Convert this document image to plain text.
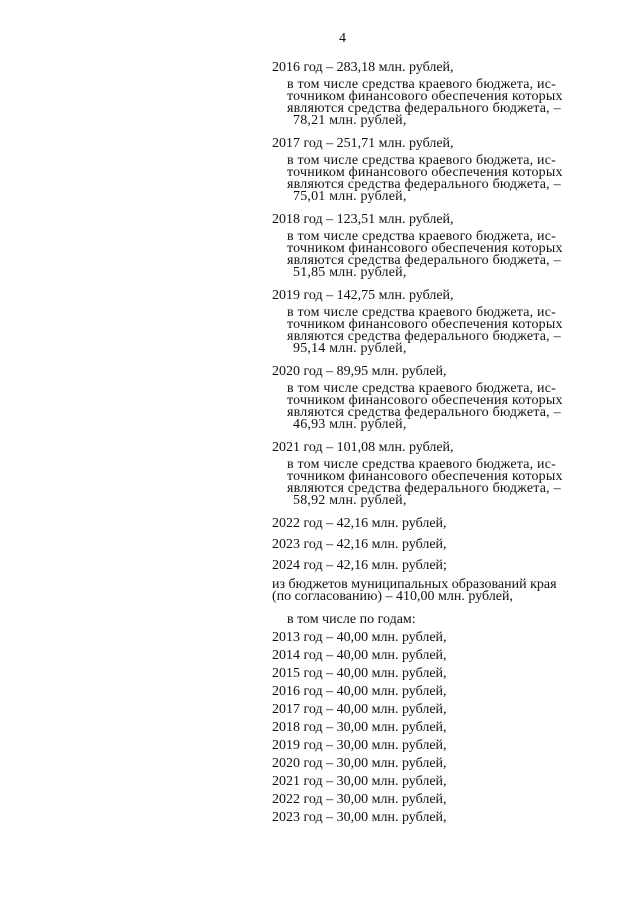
4
2016 год – 283,18 млн. рублей,
в том числе средства краевого бюджета, ис-
точником финансового обеспечения которых
являются средства федерального бюджета, –
78,21 млн. рублей,
2017 год – 251,71 млн. рублей,
в том числе средства краевого бюджета, ис-
точником финансового обеспечения которых
являются средства федерального бюджета, –
75,01 млн. рублей,
2018 год – 123,51 млн. рублей,
в том числе средства краевого бюджета, ис-
точником финансового обеспечения которых
являются средства федерального бюджета, –
51,85 млн. рублей,
2019 год – 142,75 млн. рублей,
в том числе средства краевого бюджета, ис-
точником финансового обеспечения которых
являются средства федерального бюджета, –
95,14 млн. рублей,
2020 год – 89,95 млн. рублей,
в том числе средства краевого бюджета, ис-
точником финансового обеспечения которых
являются средства федерального бюджета, –
46,93 млн. рублей,
2021 год – 101,08 млн. рублей,
в том числе средства краевого бюджета, ис-
точником финансового обеспечения которых
являются средства федерального бюджета, –
58,92 млн. рублей,
2022 год – 42,16 млн. рублей,
2023 год – 42,16 млн. рублей,
2024 год – 42,16 млн. рублей;
из бюджетов муниципальных образований края
(по согласованию) – 410,00 млн. рублей,
в том числе по годам:
2013 год – 40,00 млн. рублей,
2014 год – 40,00 млн. рублей,
2015 год – 40,00 млн. рублей,
2016 год – 40,00 млн. рублей,
2017 год – 40,00 млн. рублей,
2018 год – 30,00 млн. рублей,
2019 год – 30,00 млн. рублей,
2020 год – 30,00 млн. рублей,
2021 год – 30,00 млн. рублей,
2022 год – 30,00 млн. рублей,
2023 год – 30,00 млн. рублей,
